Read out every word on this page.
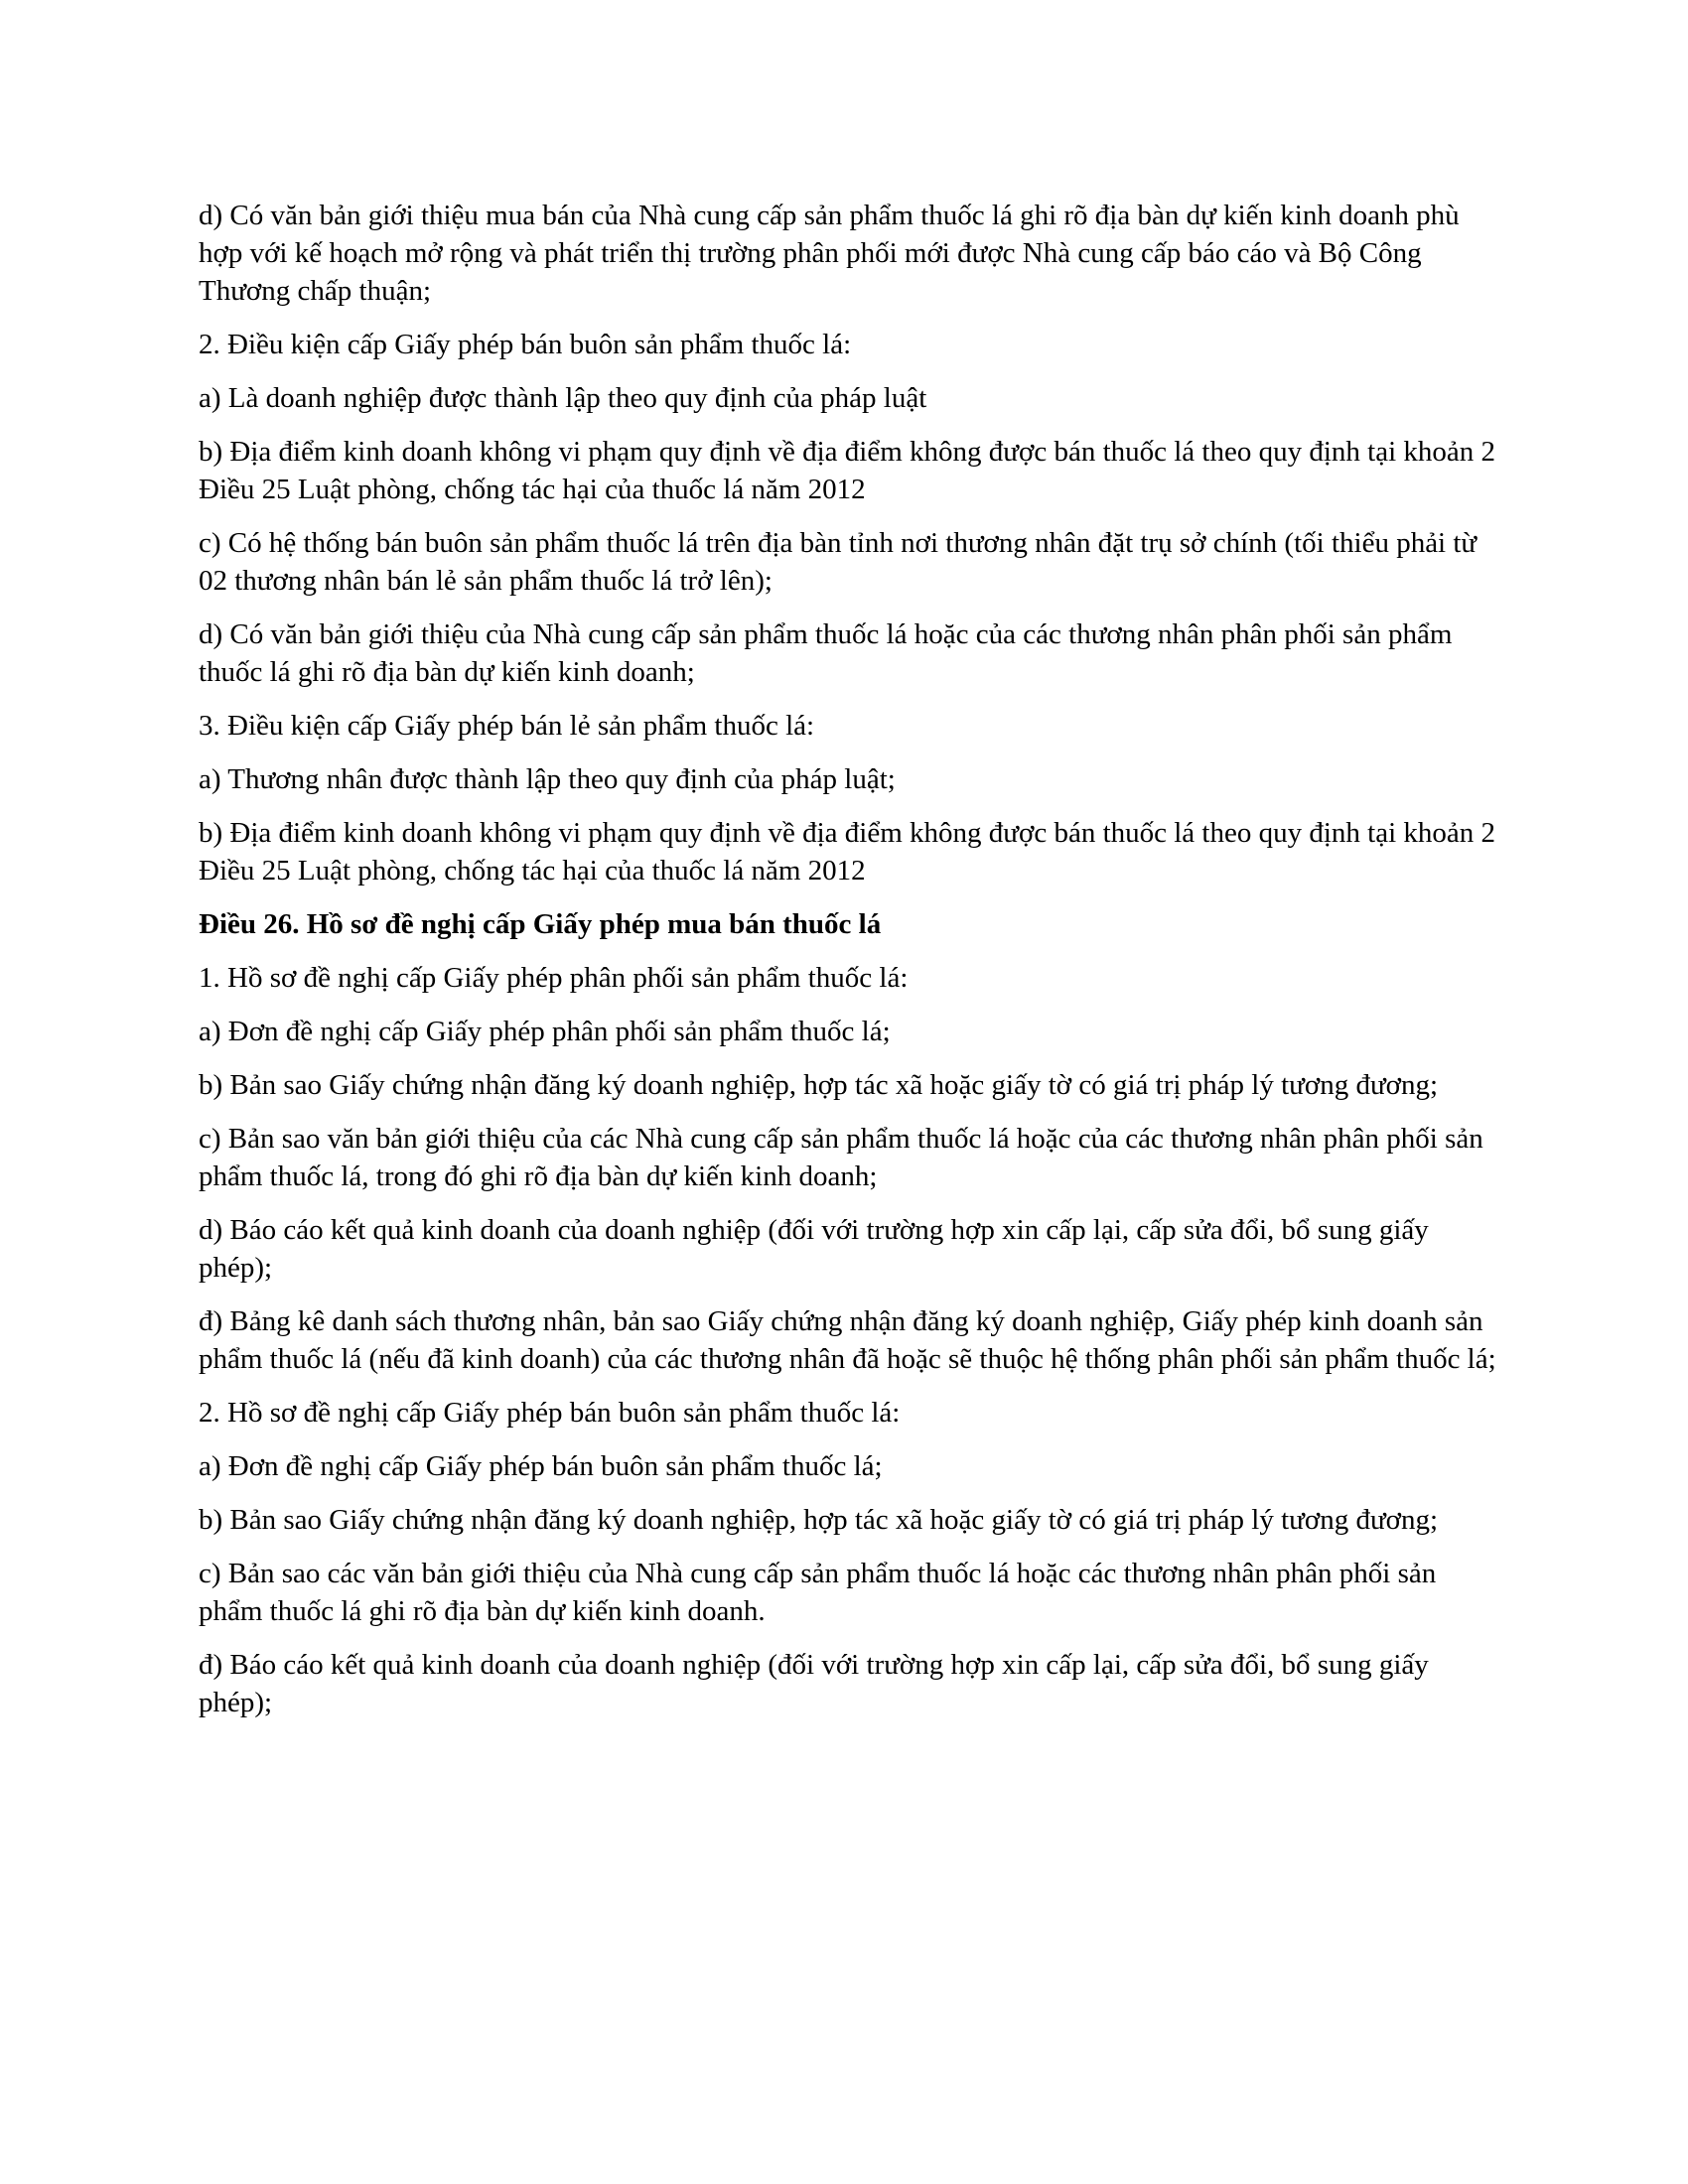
d) Có văn bản giới thiệu mua bán của Nhà cung cấp sản phẩm thuốc lá ghi rõ địa bàn dự kiến kinh doanh phù hợp với kế hoạch mở rộng và phát triển thị trường phân phối mới được Nhà cung cấp báo cáo và Bộ Công Thương chấp thuận;

2. Điều kiện cấp Giấy phép bán buôn sản phẩm thuốc lá:

a) Là doanh nghiệp được thành lập theo quy định của pháp luật

b) Địa điểm kinh doanh không vi phạm quy định về địa điểm không được bán thuốc lá theo quy định tại khoản 2 Điều 25 Luật phòng, chống tác hại của thuốc lá năm 2012

c) Có hệ thống bán buôn sản phẩm thuốc lá trên địa bàn tỉnh nơi thương nhân đặt trụ sở chính (tối thiểu phải từ 02 thương nhân bán lẻ sản phẩm thuốc lá trở lên);

d) Có văn bản giới thiệu của Nhà cung cấp sản phẩm thuốc lá hoặc của các thương nhân phân phối sản phẩm thuốc lá ghi rõ địa bàn dự kiến kinh doanh;

3. Điều kiện cấp Giấy phép bán lẻ sản phẩm thuốc lá:

a) Thương nhân được thành lập theo quy định của pháp luật;

b) Địa điểm kinh doanh không vi phạm quy định về địa điểm không được bán thuốc lá theo quy định tại khoản 2 Điều 25 Luật phòng, chống tác hại của thuốc lá năm 2012

Điều 26. Hồ sơ đề nghị cấp Giấy phép mua bán thuốc lá

1. Hồ sơ đề nghị cấp Giấy phép phân phối sản phẩm thuốc lá:

a) Đơn đề nghị cấp Giấy phép phân phối sản phẩm thuốc lá;

b) Bản sao Giấy chứng nhận đăng ký doanh nghiệp, hợp tác xã hoặc giấy tờ có giá trị pháp lý tương đương;

c) Bản sao văn bản giới thiệu của các Nhà cung cấp sản phẩm thuốc lá hoặc của các thương nhân phân phối sản phẩm thuốc lá, trong đó ghi rõ địa bàn dự kiến kinh doanh;

d) Báo cáo kết quả kinh doanh của doanh nghiệp (đối với trường hợp xin cấp lại, cấp sửa đổi, bổ sung giấy phép);

đ) Bảng kê danh sách thương nhân, bản sao Giấy chứng nhận đăng ký doanh nghiệp, Giấy phép kinh doanh sản phẩm thuốc lá (nếu đã kinh doanh) của các thương nhân đã hoặc sẽ thuộc hệ thống phân phối sản phẩm thuốc lá;

2. Hồ sơ đề nghị cấp Giấy phép bán buôn sản phẩm thuốc lá:

a) Đơn đề nghị cấp Giấy phép bán buôn sản phẩm thuốc lá;

b) Bản sao Giấy chứng nhận đăng ký doanh nghiệp, hợp tác xã hoặc giấy tờ có giá trị pháp lý tương đương;

c) Bản sao các văn bản giới thiệu của Nhà cung cấp sản phẩm thuốc lá hoặc các thương nhân phân phối sản phẩm thuốc lá ghi rõ địa bàn dự kiến kinh doanh.

đ) Báo cáo kết quả kinh doanh của doanh nghiệp (đối với trường hợp xin cấp lại, cấp sửa đổi, bổ sung giấy phép);
